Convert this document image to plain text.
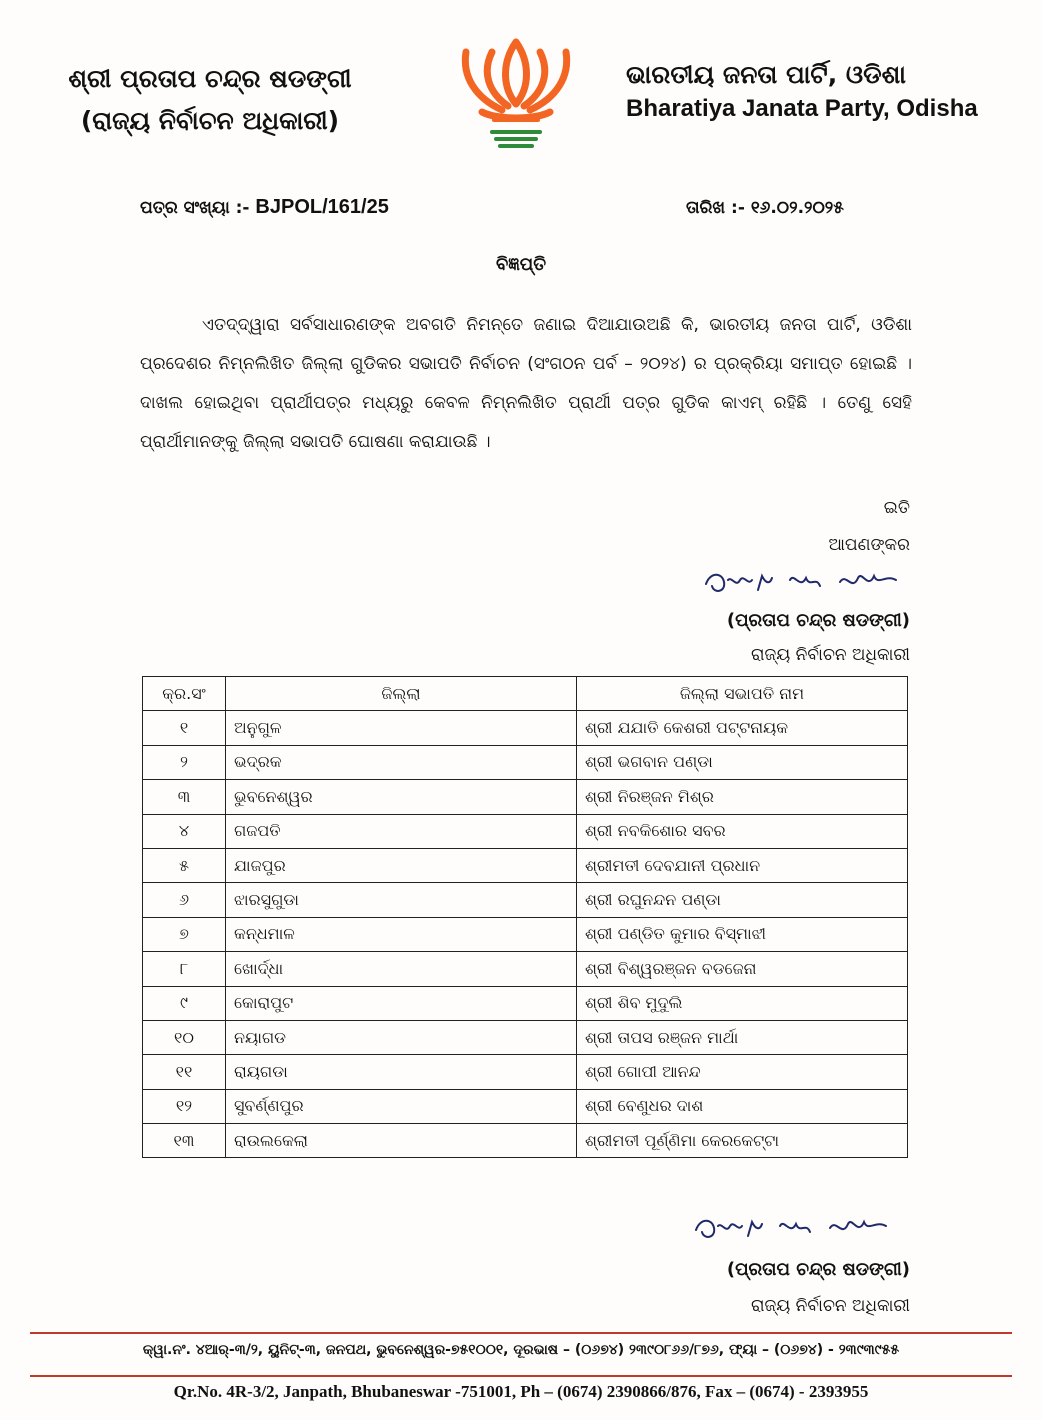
ଶ୍ରୀ ପ୍ରତାପ ଚନ୍ଦ୍ର ଷଡଙ୍ଗୀ
(ରାଜ୍ୟ ନିର୍ବାଚନ ଅଧିକାରୀ)
ଭାରତୀୟ ଜନତା ପାର୍ଟି, ଓଡିଶା
Bharatiya Janata Party, Odisha
ପତ୍ର ସଂଖ୍ୟା :- BJPOL/161/25	ତାରିଖ :- ୧୬.୦୨.୨୦୨୫
ବିଜ୍ଞପ୍ତି
ଏତଦ୍‌ଦ୍ୱାରା ସର୍ବସାଧାରଣଙ୍କ ଅବଗତି ନିମନ୍ତେ ଜଣାଇ ଦିଆଯାଉଅଛି କି, ଭାରତୀୟ ଜନତା ପାର୍ଟି, ଓଡିଶା ପ୍ରଦେଶର ନିମ୍ନଲିଖିତ ଜିଲ୍ଲା ଗୁଡିକର ସଭାପତି ନିର୍ବାଚନ (ସଂଗଠନ ପର୍ବ – ୨୦୨୪) ର ପ୍ରକ୍ରିୟା ସମାପ୍ତ ହୋଇଛି । ଦାଖଲ ହୋଇଥିବା ପ୍ରାର୍ଥୀପତ୍ର ମଧ୍ୟରୁ କେବଳ ନିମ୍ନଲିଖିତ ପ୍ରାର୍ଥୀ ପତ୍ର ଗୁଡିକ କାଏମ୍ ରହିଛି । ତେଣୁ ସେହି ପ୍ରାର୍ଥୀମାନଙ୍କୁ ଜିଲ୍ଲା ସଭାପତି ଘୋଷଣା କରାଯାଉଛି ।
ଇତି
ଆପଣଙ୍କର
(ପ୍ରତାପ ଚନ୍ଦ୍ର ଷଡଙ୍ଗୀ)
ରାଜ୍ୟ ନିର୍ବାଚନ ଅଧିକାରୀ
କ୍ର.ସଂ	ଜିଲ୍ଲା	ଜିଲ୍ଲା ସଭାପତି ନାମ
୧	ଅନୁଗୁଳ	ଶ୍ରୀ ଯଯାତି କେଶରୀ ପଟ୍ଟନାୟକ
୨	ଭଦ୍ରକ	ଶ୍ରୀ ଭଗବାନ ପଣ୍ଡା
୩	ଭୁବନେଶ୍ୱର	ଶ୍ରୀ ନିରଞ୍ଜନ ମିଶ୍ର
୪	ଗଜପତି	ଶ୍ରୀ ନବକିଶୋର ସବର
୫	ଯାଜପୁର	ଶ୍ରୀମତୀ ଦେବଯାନୀ ପ୍ରଧାନ
୬	ଝାରସୁଗୁଡା	ଶ୍ରୀ ରଘୁନନ୍ଦନ ପଣ୍ଡା
୭	କନ୍ଧମାଳ	ଶ୍ରୀ ପଣ୍ଡିତ କୁମାର ବିସ୍ମାଝୀ
୮	ଖୋର୍ଦ୍ଧା	ଶ୍ରୀ ବିଶ୍ୱରଞ୍ଜନ ବଡଜେନା
୯	କୋରାପୁଟ	ଶ୍ରୀ ଶିବ ମୁଦୁଲି
୧୦	ନୟାଗଡ	ଶ୍ରୀ ତାପସ ରଞ୍ଜନ ମାର୍ଥା
୧୧	ରାୟଗଡା	ଶ୍ରୀ ଗୋପୀ ଆନନ୍ଦ
୧୨	ସୁବର୍ଣ୍ଣପୁର	ଶ୍ରୀ ବେଣୁଧର ଦାଶ
୧୩	ରାଉଲକେଲା	ଶ୍ରୀମତୀ ପୂର୍ଣ୍ଣିମା କେରକେଟ୍ଟା
(ପ୍ରତାପ ଚନ୍ଦ୍ର ଷଡଙ୍ଗୀ)
ରାଜ୍ୟ ନିର୍ବାଚନ ଅଧିକାରୀ
କ୍ୱା.ନଂ. ୪ଆର୍-୩/୨, ୟୁନିଟ୍-୩, ଜନପଥ, ଭୁବନେଶ୍ୱର-୭୫୧୦୦୧, ଦୂରଭାଷ – (୦୬୭୪) ୨୩୯୦୮୬୬/୮୭୬, ଫ୍ୟା – (୦୬୭୪) - ୨୩୯୩୯୫୫
Qr.No. 4R-3/2, Janpath, Bhubaneswar -751001, Ph – (0674) 2390866/876, Fax – (0674) - 2393955
